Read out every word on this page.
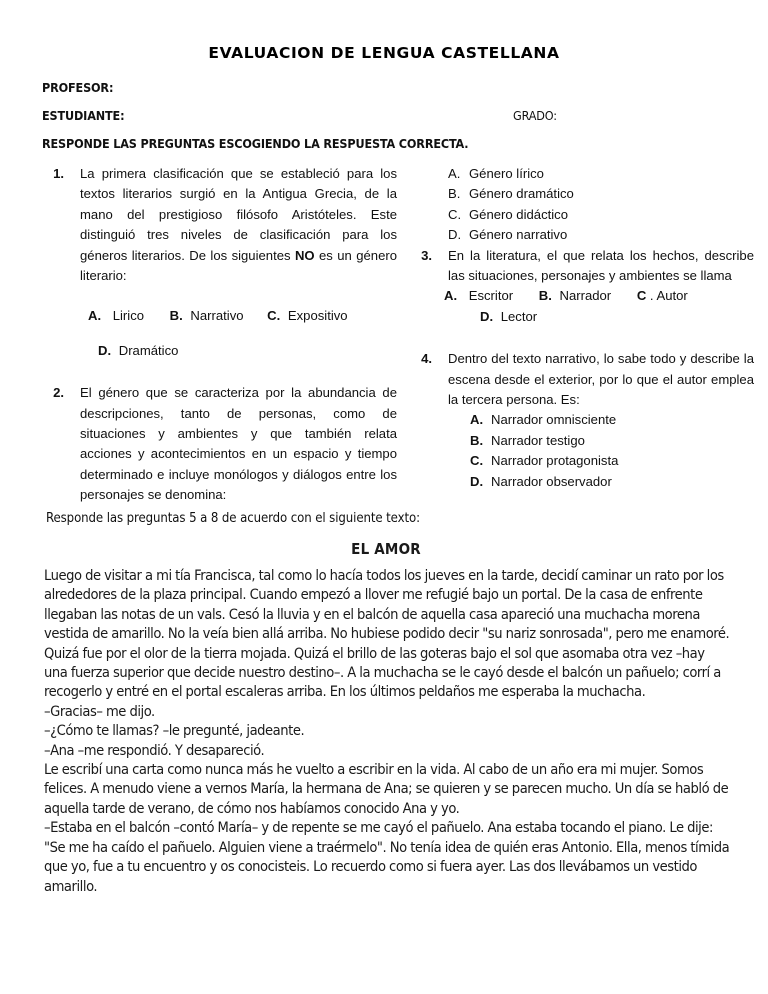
EVALUACION DE LENGUA CASTELLANA
PROFESOR:
ESTUDIANTE:	GRADO:
RESPONDE LAS PREGUNTAS ESCOGIENDO LA RESPUESTA CORRECTA.
1. La primera clasificación que se estableció para los textos literarios surgió en la Antigua Grecia, de la mano del prestigioso filósofo Aristóteles. Este distinguió tres niveles de clasificación para los géneros literarios. De los siguientes NO es un género literario:
A. Lirico B. Narrativo C. Expositivo
D. Dramático
2. El género que se caracteriza por la abundancia de descripciones, tanto de personas, como de situaciones y ambientes y que también relata acciones y acontecimientos en un espacio y tiempo determinado e incluye monólogos y diálogos entre los personajes se denomina:
A. Género lírico
B. Género dramático
C. Género didáctico
D. Género narrativo
3. En la literatura, el que relata los hechos, describe las situaciones, personajes y ambientes se llama
A. Escritor B. Narrador C . Autor
D. Lector
4. Dentro del texto narrativo, lo sabe todo y describe la escena desde el exterior, por lo que el autor emplea la tercera persona. Es:
A. Narrador omnisciente
B. Narrador testigo
C. Narrador protagonista
D. Narrador observador
Responde las preguntas 5 a 8 de acuerdo con el siguiente texto:
EL AMOR

Luego de visitar a mi tía Francisca, tal como lo hacía todos los jueves en la tarde, decidí caminar un rato por los alrededores de la plaza principal. Cuando empezó a llover me refugié bajo un portal. De la casa de enfrente llegaban las notas de un vals. Cesó la lluvia y en el balcón de aquella casa apareció una muchacha morena vestida de amarillo. No la veía bien allá arriba. No hubiese podido decir "su nariz sonrosada", pero me enamoré. Quizá fue por el olor de la tierra mojada. Quizá el brillo de las goteras bajo el sol que asomaba otra vez –hay una fuerza superior que decide nuestro destino–. A la muchacha se le cayó desde el balcón un pañuelo; corrí a recogerlo y entré en el portal escaleras arriba. En los últimos peldaños me esperaba la muchacha.

–Gracias– me dijo.

–¿Cómo te llamas? –le pregunté, jadeante.

–Ana –me respondió. Y desapareció.

Le escribí una carta como nunca más he vuelto a escribir en la vida. Al cabo de un año era mi mujer. Somos felices. A menudo viene a vernos María, la hermana de Ana; se quieren y se parecen mucho. Un día se habló de aquella tarde de verano, de cómo nos habíamos conocido Ana y yo.

–Estaba en el balcón –contó María– y de repente se me cayó el pañuelo. Ana estaba tocando el piano. Le dije: "Se me ha caído el pañuelo. Alguien viene a traérmelo". No tenía idea de quién eras Antonio. Ella, menos tímida que yo, fue a tu encuentro y os conocisteis. Lo recuerdo como si fuera ayer. Las dos llevábamos un vestido amarillo.
